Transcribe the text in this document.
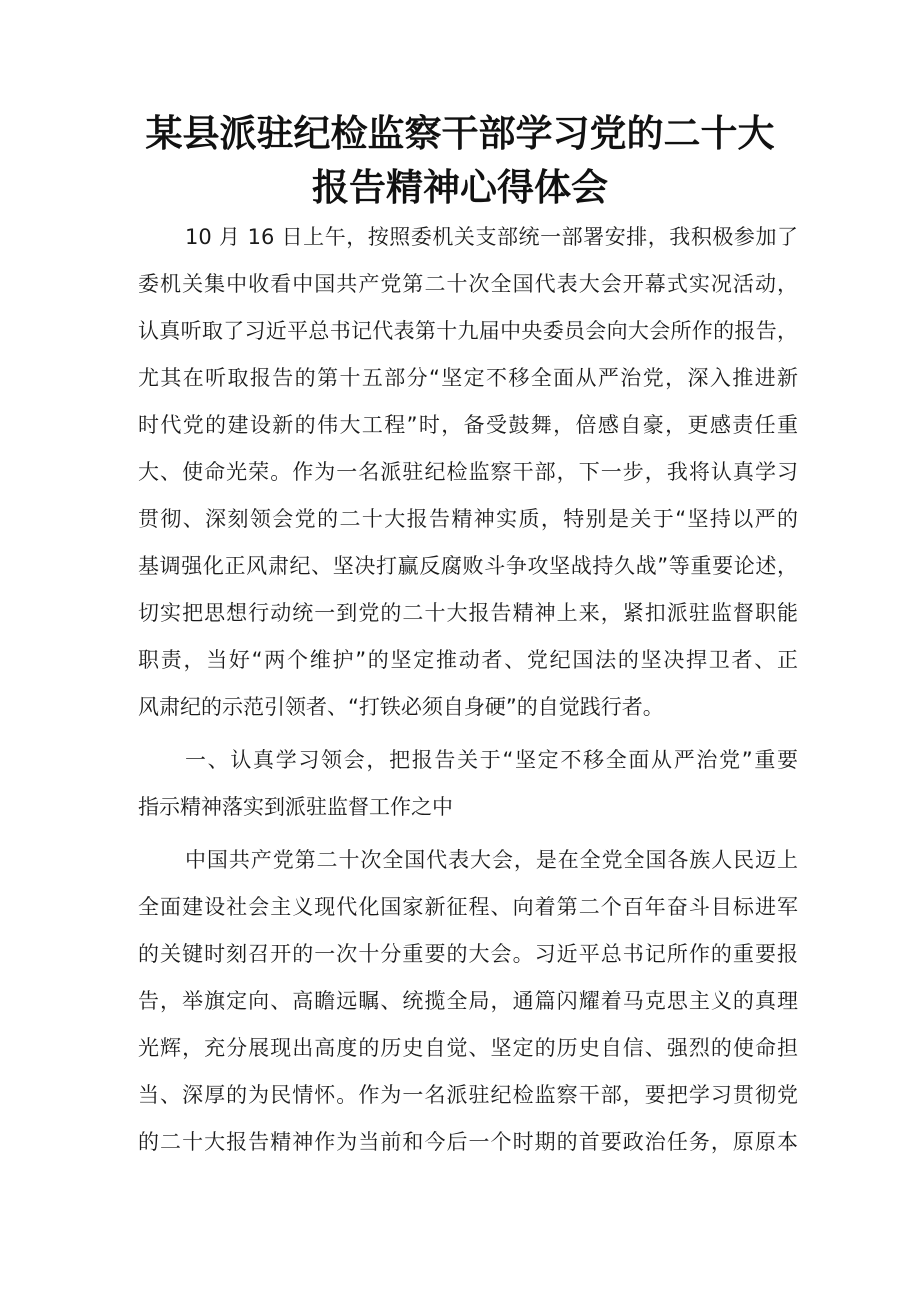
某县派驻纪检监察干部学习党的二十大
报告精神心得体会
10 月 16 日上午，按照委机关支部统一部署安排，我积极参加了
委机关集中收看中国共产党第二十次全国代表大会开幕式实况活动，
认真听取了习近平总书记代表第十九届中央委员会向大会所作的报告，
尤其在听取报告的第十五部分“坚定不移全面从严治党，深入推进新
时代党的建设新的伟大工程”时，备受鼓舞，倍感自豪，更感责任重
大、使命光荣。作为一名派驻纪检监察干部，下一步，我将认真学习
贯彻、深刻领会党的二十大报告精神实质，特别是关于“坚持以严的
基调强化正风肃纪、坚决打赢反腐败斗争攻坚战持久战”等重要论述，
切实把思想行动统一到党的二十大报告精神上来，紧扣派驻监督职能
职责，当好“两个维护”的坚定推动者、党纪国法的坚决捍卫者、正
风肃纪的示范引领者、“打铁必须自身硬”的自觉践行者。
一、认真学习领会，把报告关于“坚定不移全面从严治党”重要
指示精神落实到派驻监督工作之中
中国共产党第二十次全国代表大会，是在全党全国各族人民迈上
全面建设社会主义现代化国家新征程、向着第二个百年奋斗目标进军
的关键时刻召开的一次十分重要的大会。习近平总书记所作的重要报
告，举旗定向、高瞻远瞩、统揽全局，通篇闪耀着马克思主义的真理
光辉，充分展现出高度的历史自觉、坚定的历史自信、强烈的使命担
当、深厚的为民情怀。作为一名派驻纪检监察干部，要把学习贯彻党
的二十大报告精神作为当前和今后一个时期的首要政治任务，原原本
